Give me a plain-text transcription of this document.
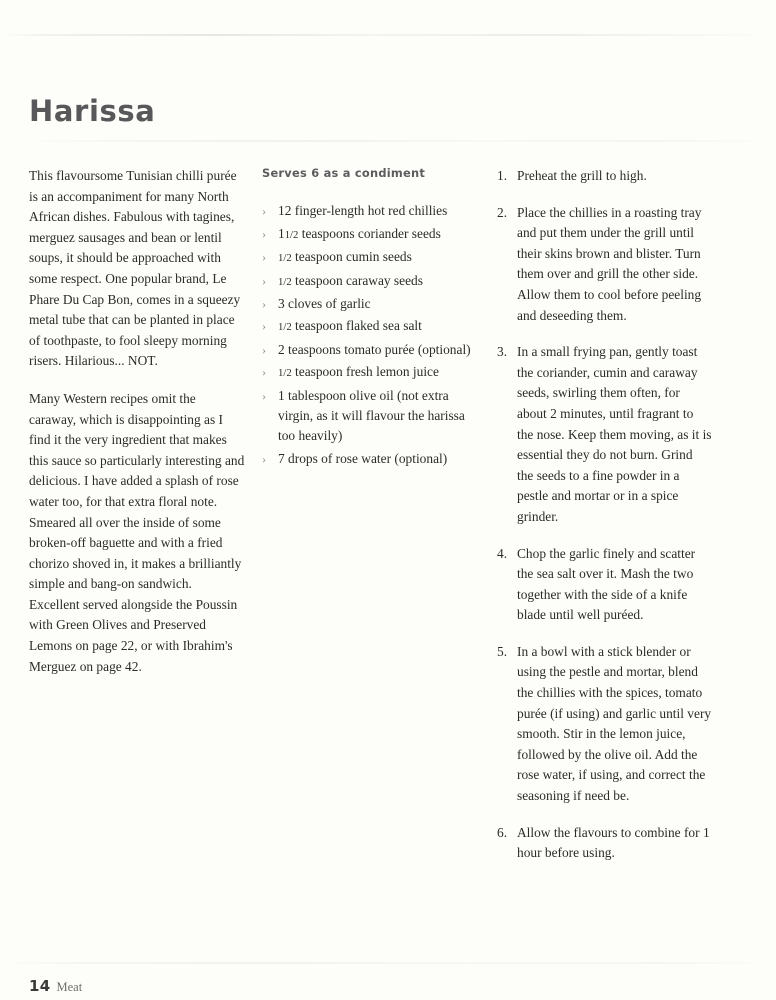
Harissa

This flavoursome Tunisian chilli purée is an accompaniment for many North African dishes. Fabulous with tagines, merguez sausages and bean or lentil soups, it should be approached with some respect. One popular brand, Le Phare Du Cap Bon, comes in a squeezy metal tube that can be planted in place of toothpaste, to fool sleepy morning risers. Hilarious... NOT.

Many Western recipes omit the caraway, which is disappointing as I find it the very ingredient that makes this sauce so particularly interesting and delicious. I have added a splash of rose water too, for that extra floral note. Smeared all over the inside of some broken-off baguette and with a fried chorizo shoved in, it makes a brilliantly simple and bang-on sandwich. Excellent served alongside the Poussin with Green Olives and Preserved Lemons on page 22, or with Ibrahim's Merguez on page 42.

Serves 6 as a condiment
› 12 finger-length hot red chillies
› 11/2 teaspoons coriander seeds
› 1/2 teaspoon cumin seeds
› 1/2 teaspoon caraway seeds
› 3 cloves of garlic
› 1/2 teaspoon flaked sea salt
› 2 teaspoons tomato purée (optional)
› 1/2 teaspoon fresh lemon juice
› 1 tablespoon olive oil (not extra virgin, as it will flavour the harissa too heavily)
› 7 drops of rose water (optional)

1. Preheat the grill to high.

2. Place the chillies in a roasting tray and put them under the grill until their skins brown and blister. Turn them over and grill the other side. Allow them to cool before peeling and deseeding them.

3. In a small frying pan, gently toast the coriander, cumin and caraway seeds, swirling them often, for about 2 minutes, until fragrant to the nose. Keep them moving, as it is essential they do not burn. Grind the seeds to a fine powder in a pestle and mortar or in a spice grinder.

4. Chop the garlic finely and scatter the sea salt over it. Mash the two together with the side of a knife blade until well puréed.

5. In a bowl with a stick blender or using the pestle and mortar, blend the chillies with the spices, tomato purée (if using) and garlic until very smooth. Stir in the lemon juice, followed by the olive oil. Add the rose water, if using, and correct the seasoning if need be.

6. Allow the flavours to combine for 1 hour before using.

14 Meat
